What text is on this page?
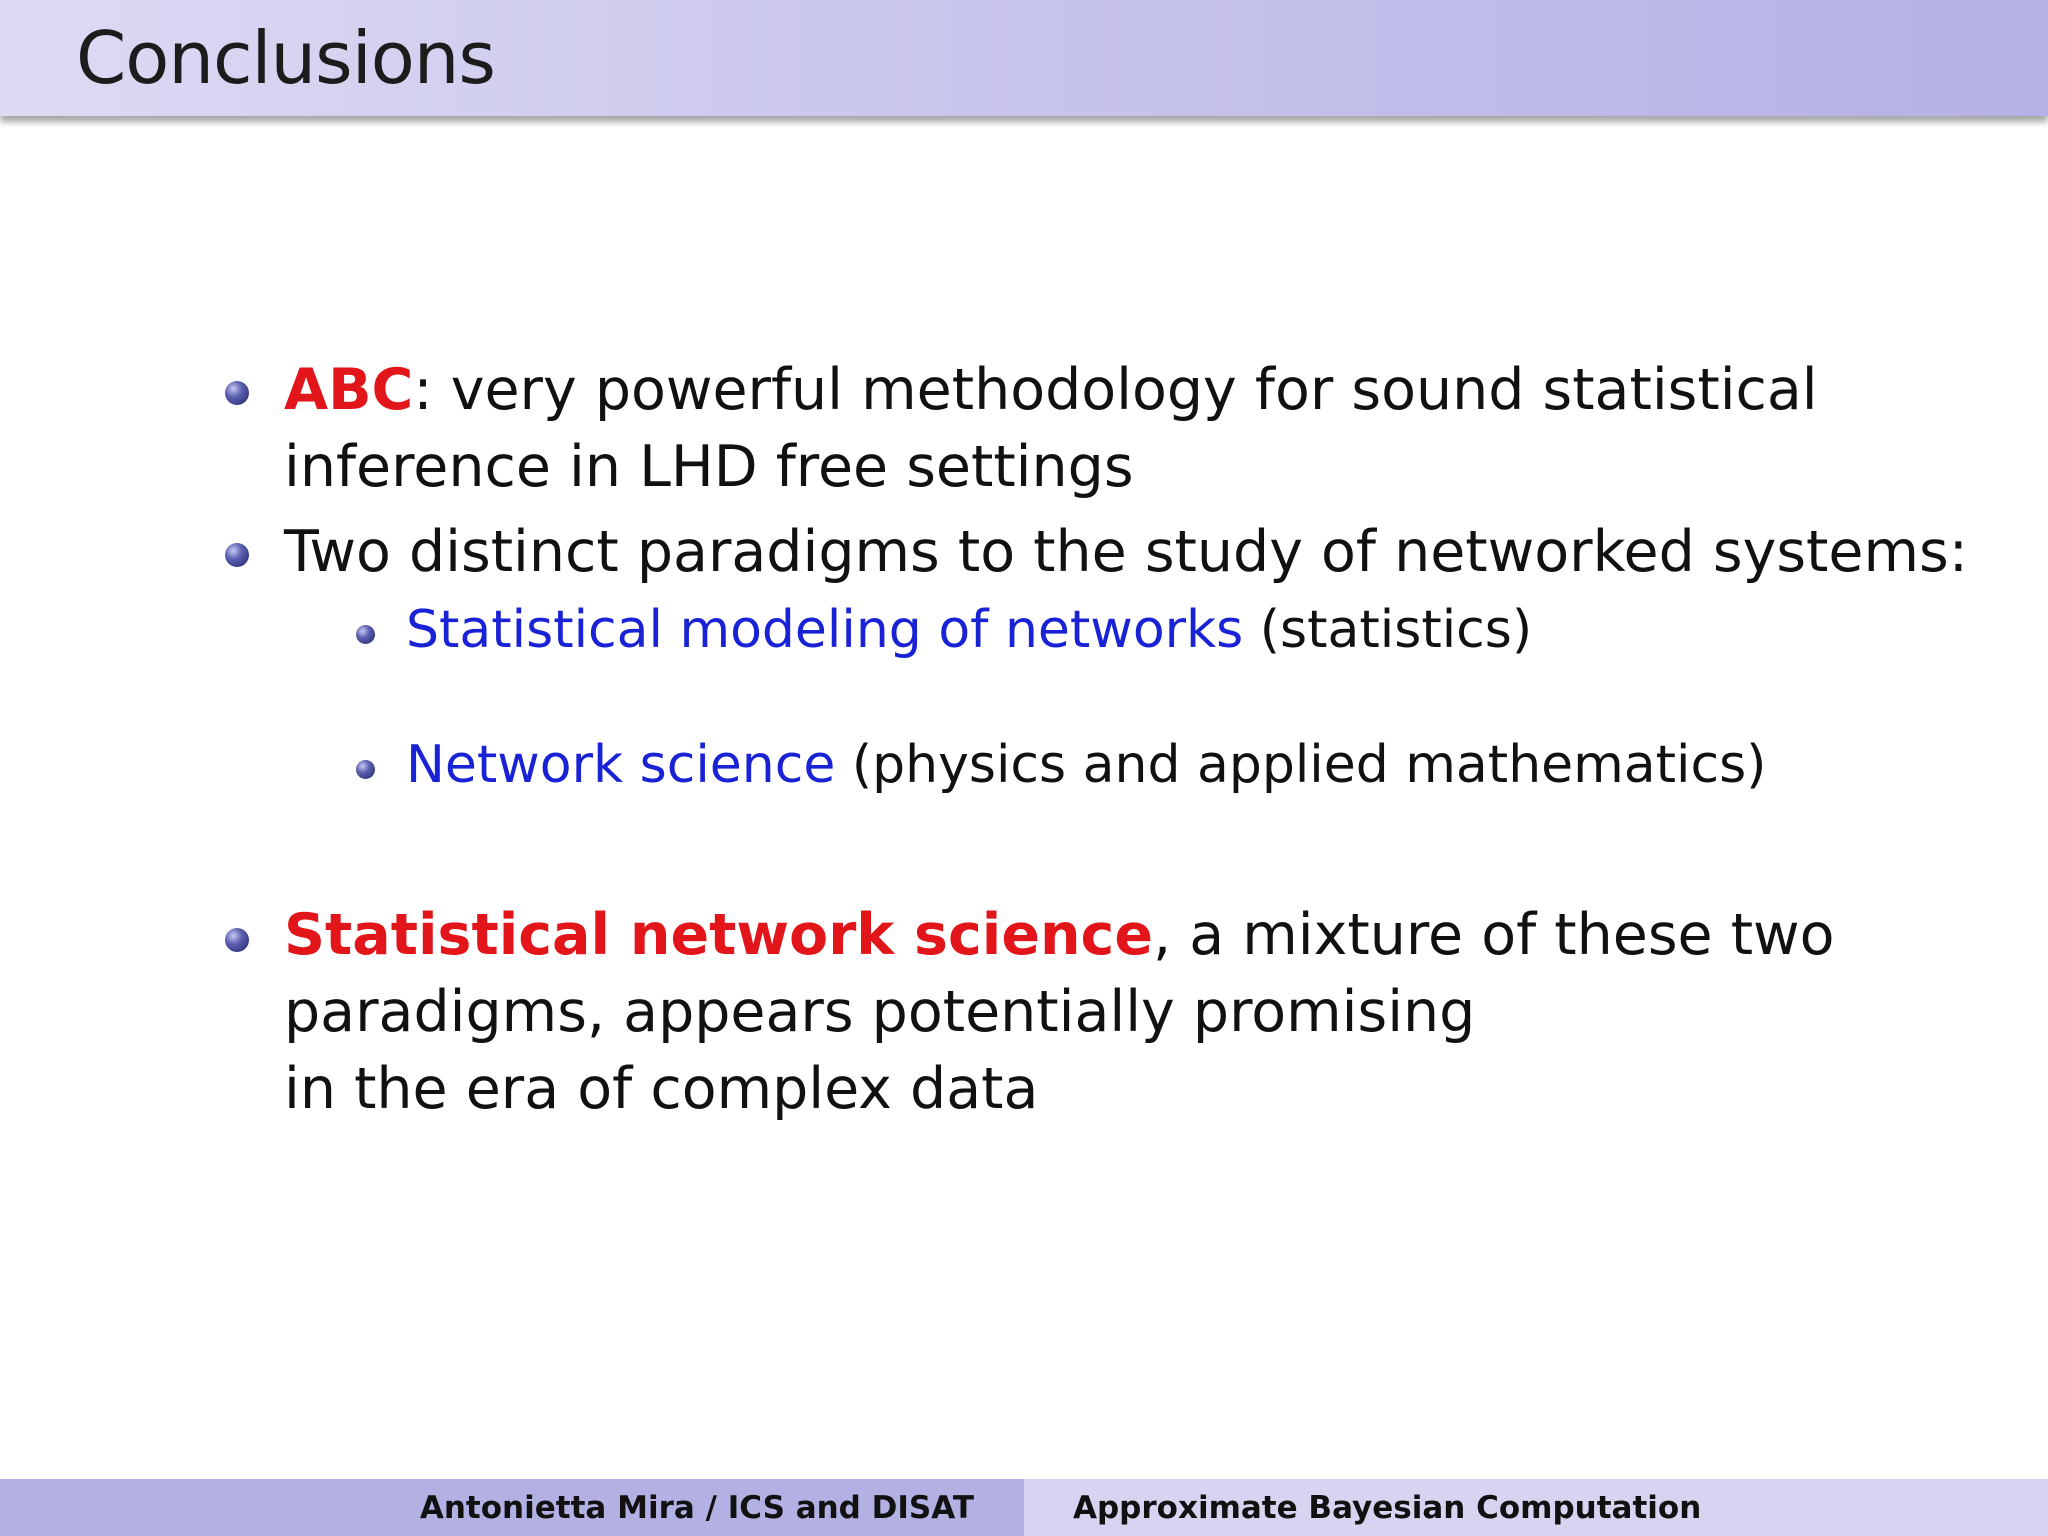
Conclusions
ABC: very powerful methodology for sound statistical
inference in LHD free settings
Two distinct paradigms to the study of networked systems:
Statistical modeling of networks (statistics)
Network science (physics and applied mathematics)
Statistical network science, a mixture of these two
paradigms, appears potentially promising
in the era of complex data
Antonietta Mira / ICS and DISAT	Approximate Bayesian Computation
